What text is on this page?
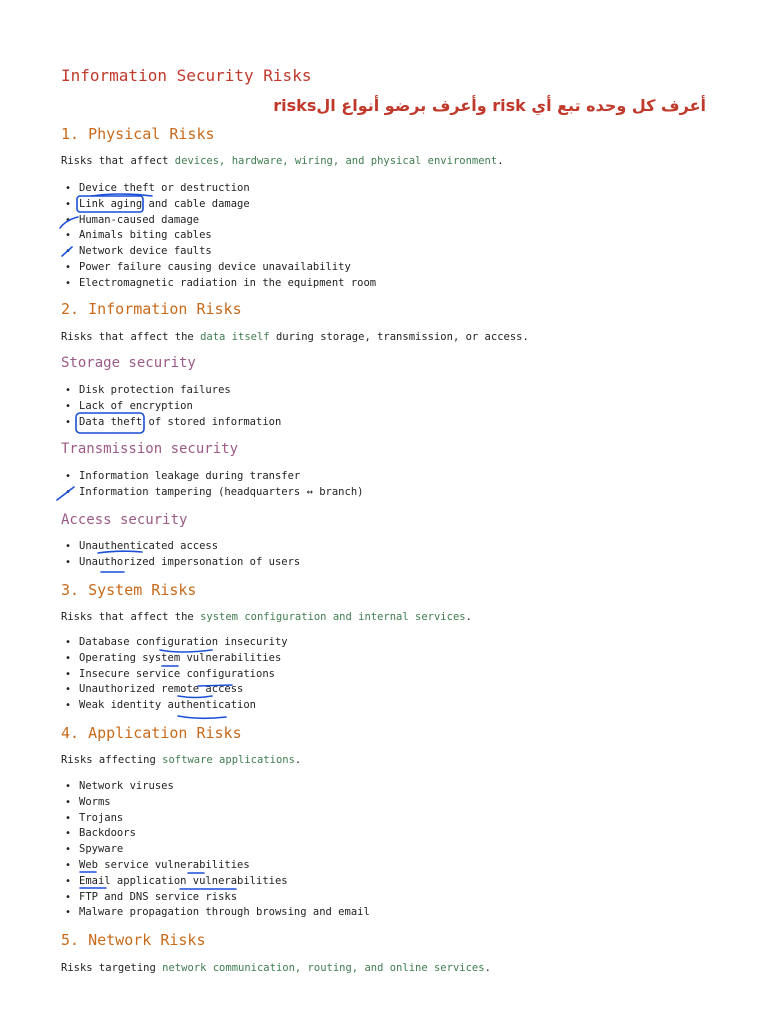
Information Security Risks
أعرف كل وحده تبع أي risk وأعرف برضو أنواع الrisks
1. Physical Risks
Risks that affect devices, hardware, wiring, and physical environment.
• Device theft or destruction
• Link aging and cable damage
• Human-caused damage
• Animals biting cables
• Network device faults
• Power failure causing device unavailability
• Electromagnetic radiation in the equipment room
2. Information Risks
Risks that affect the data itself during storage, transmission, or access.
Storage security
• Disk protection failures
• Lack of encryption
• Data theft of stored information
Transmission security
• Information leakage during transfer
• Information tampering (headquarters ↔ branch)
Access security
• Unauthenticated access
• Unauthorized impersonation of users
3. System Risks
Risks that affect the system configuration and internal services.
• Database configuration insecurity
• Operating system vulnerabilities
• Insecure service configurations
• Unauthorized remote access
• Weak identity authentication
4. Application Risks
Risks affecting software applications.
• Network viruses
• Worms
• Trojans
• Backdoors
• Spyware
• Web service vulnerabilities
• Email application vulnerabilities
• FTP and DNS service risks
• Malware propagation through browsing and email
5. Network Risks
Risks targeting network communication, routing, and online services.
